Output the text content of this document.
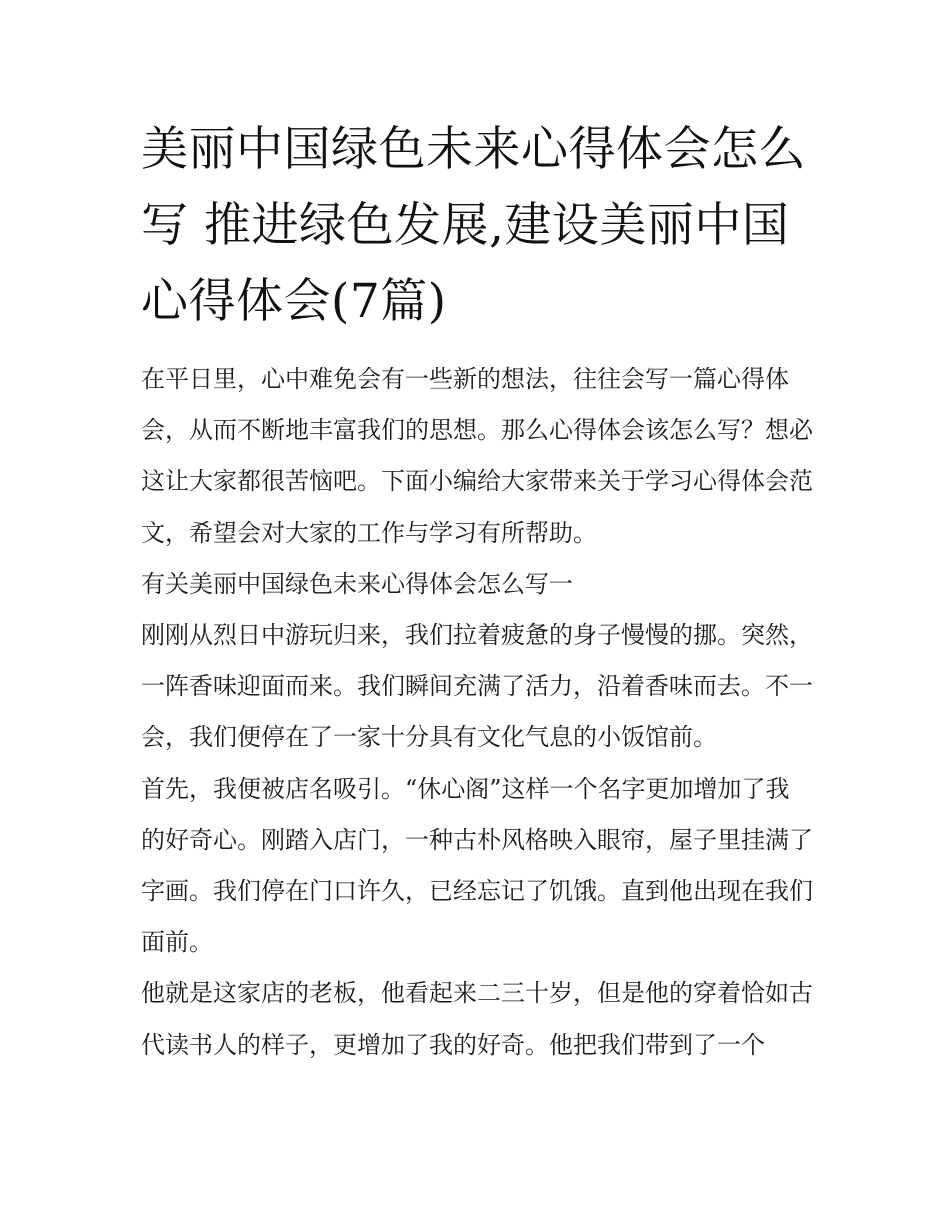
美丽中国绿色未来心得体会怎么写 推进绿色发展,建设美丽中国心得体会(7篇)

在平日里，心中难免会有一些新的想法，往往会写一篇心得体会，从而不断地丰富我们的思想。那么心得体会该怎么写？想必这让大家都很苦恼吧。下面小编给大家带来关于学习心得体会范文，希望会对大家的工作与学习有所帮助。

有关美丽中国绿色未来心得体会怎么写一

刚刚从烈日中游玩归来，我们拉着疲惫的身子慢慢的挪。突然，一阵香味迎面而来。我们瞬间充满了活力，沿着香味而去。不一会，我们便停在了一家十分具有文化气息的小饭馆前。

首先，我便被店名吸引。“休心阁”这样一个名字更加增加了我的好奇心。刚踏入店门，一种古朴风格映入眼帘，屋子里挂满了字画。我们停在门口许久，已经忘记了饥饿。直到他出现在我们面前。

他就是这家店的老板，他看起来二三十岁，但是他的穿着恰如古代读书人的样子，更增加了我的好奇。他把我们带到了一个
